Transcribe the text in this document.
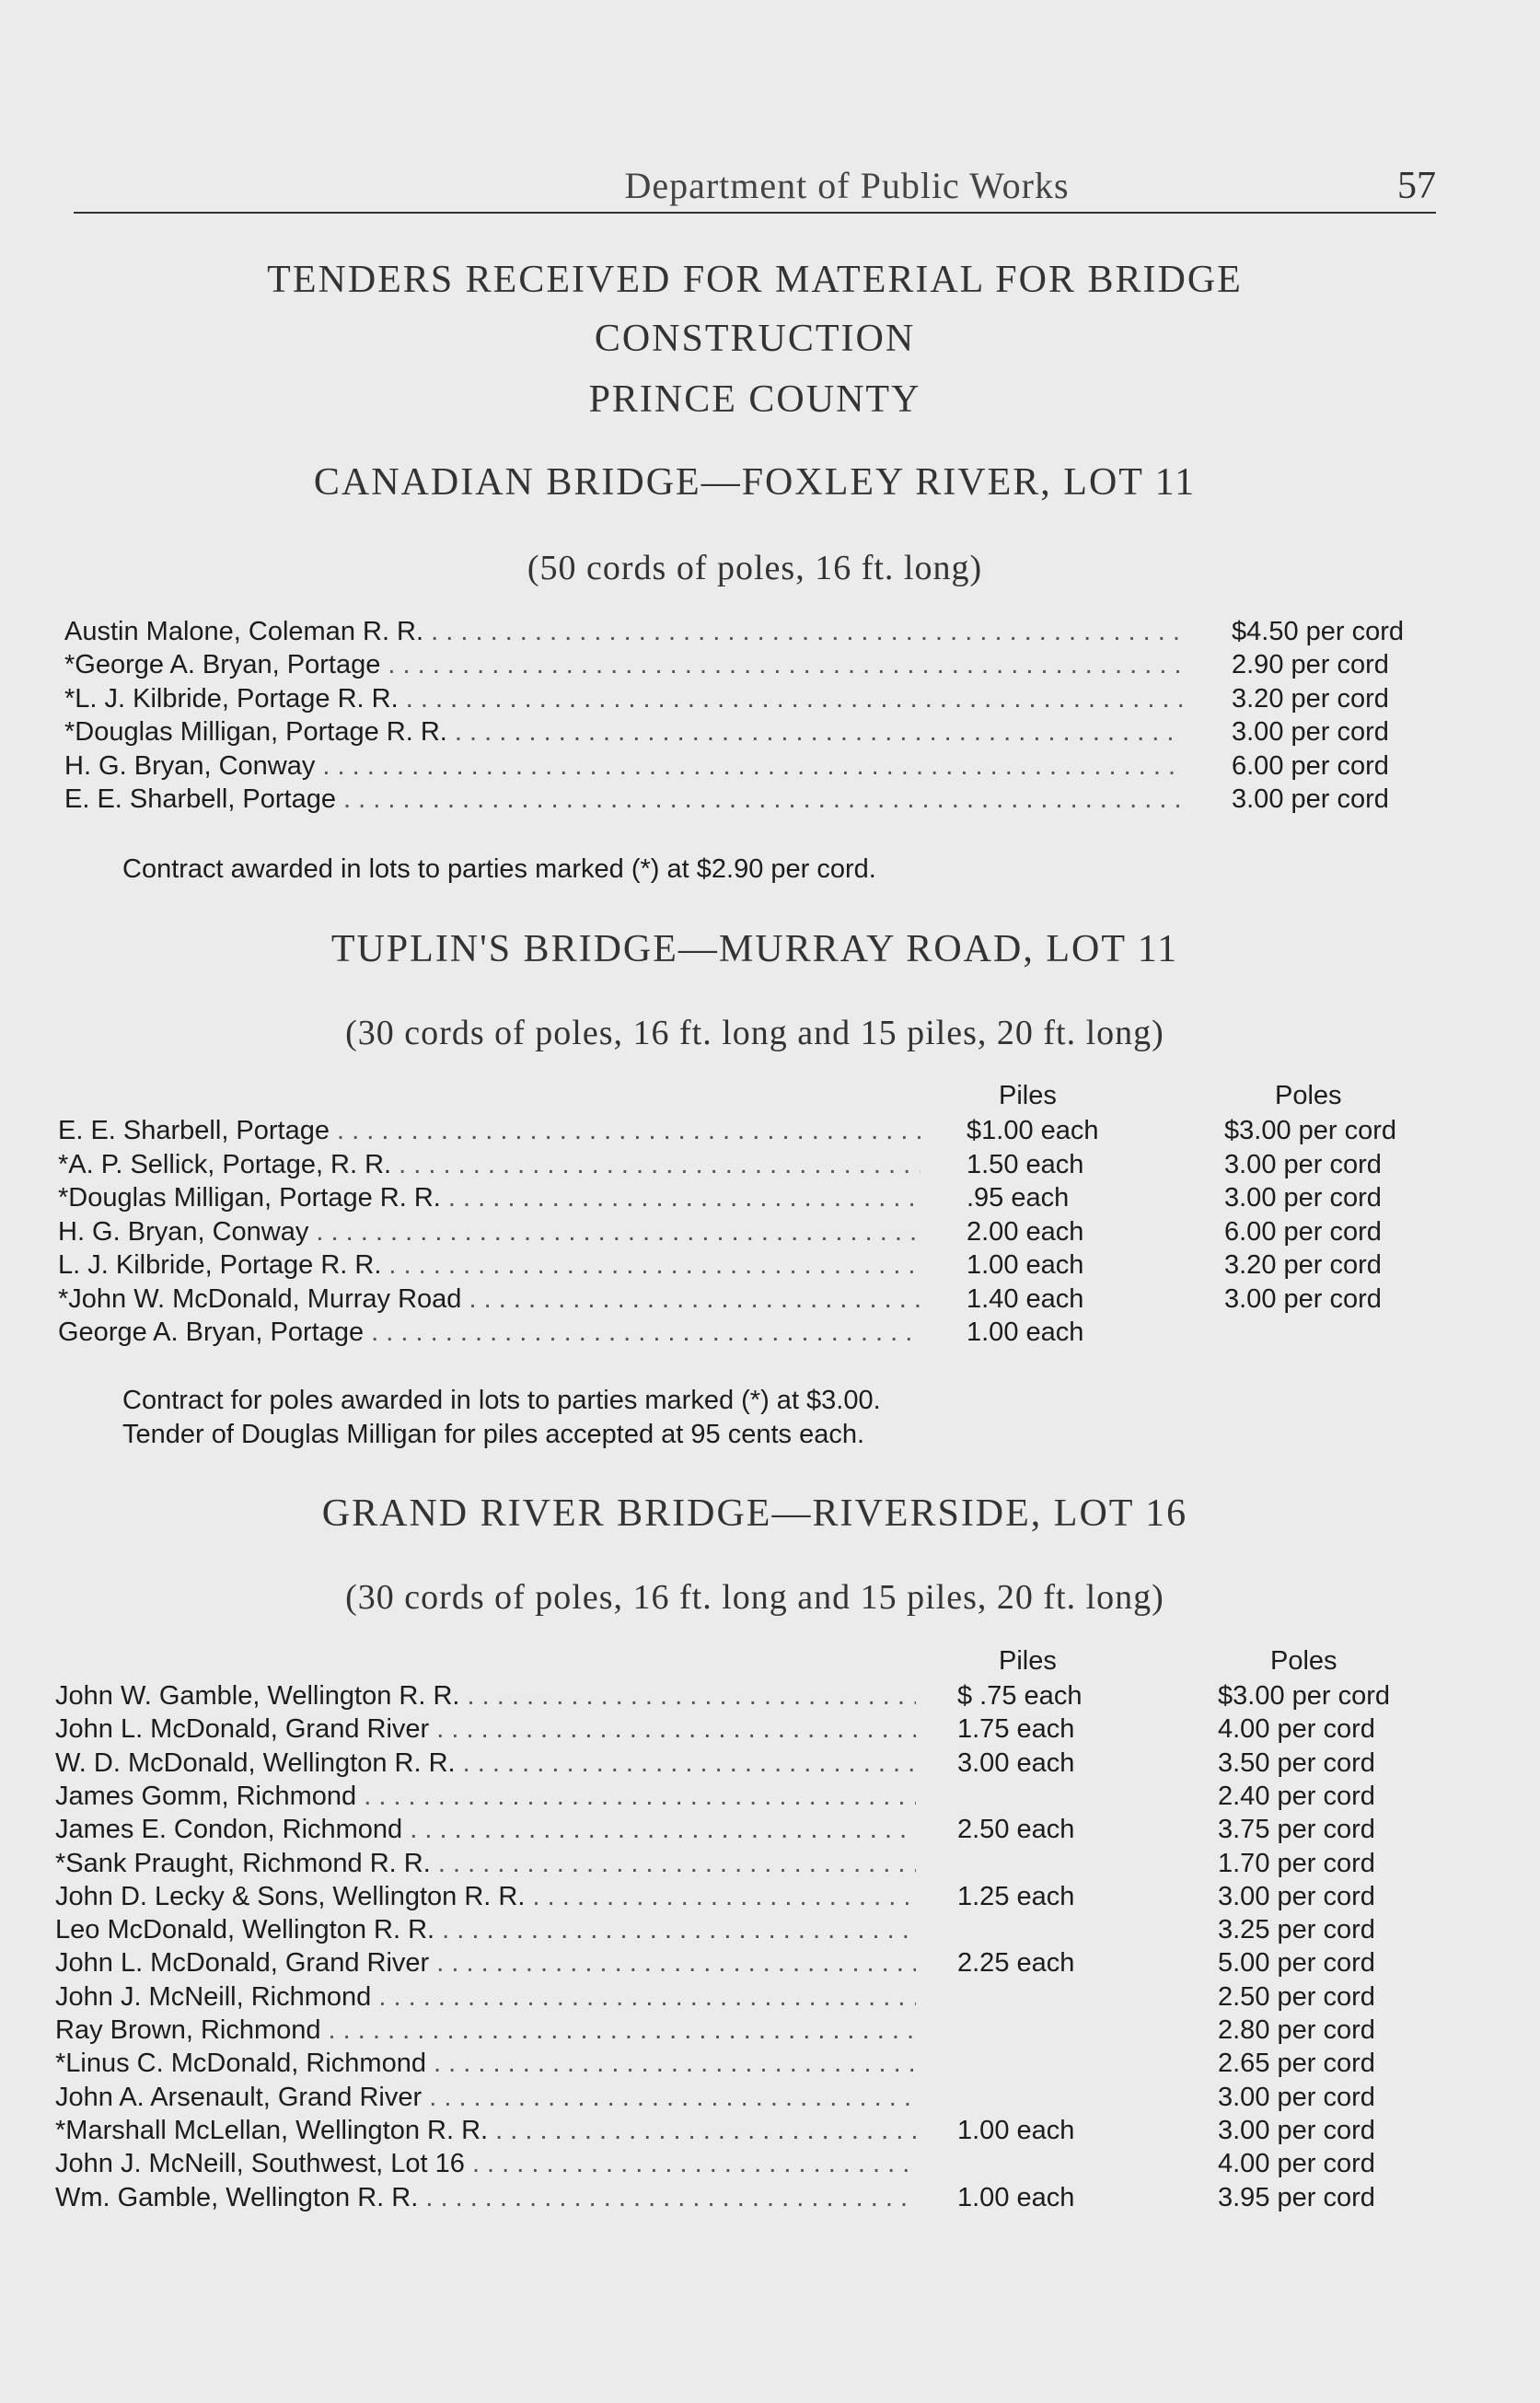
Department of Public Works	57
TENDERS RECEIVED FOR MATERIAL FOR BRIDGE
CONSTRUCTION
PRINCE COUNTY
CANADIAN BRIDGE—FOXLEY RIVER, LOT 11
(50 cords of poles, 16 ft. long)
Austin Malone, Coleman R. R. . . .	$4.50 per cord
*George A. Bryan, Portage . . .	2.90 per cord
*L. J. Kilbride, Portage R. R. . . .	3.20 per cord
*Douglas Milligan, Portage R. R. . . .	3.00 per cord
H. G. Bryan, Conway . . .	6.00 per cord
E. E. Sharbell, Portage . . .	3.00 per cord
Contract awarded in lots to parties marked (*) at $2.90 per cord.
TUPLIN'S BRIDGE—MURRAY ROAD, LOT 11
(30 cords of poles, 16 ft. long and 15 piles, 20 ft. long)
Piles	Poles
E. E. Sharbell, Portage . . .	$1.00 each	$3.00 per cord
*A. P. Sellick, Portage, R. R. . . .	1.50 each	3.00 per cord
*Douglas Milligan, Portage R. R. . . .	.95 each	3.00 per cord
H. G. Bryan, Conway . . .	2.00 each	6.00 per cord
L. J. Kilbride, Portage R. R. . . .	1.00 each	3.20 per cord
*John W. McDonald, Murray Road . . .	1.40 each	3.00 per cord
George A. Bryan, Portage . . .	1.00 each
Contract for poles awarded in lots to parties marked (*) at $3.00.
Tender of Douglas Milligan for piles accepted at 95 cents each.
GRAND RIVER BRIDGE—RIVERSIDE, LOT 16
(30 cords of poles, 16 ft. long and 15 piles, 20 ft. long)
Piles	Poles
John W. Gamble, Wellington R. R. . . .	$ .75 each	$3.00 per cord
John L. McDonald, Grand River . . .	1.75 each	4.00 per cord
W. D. McDonald, Wellington R. R. . . .	3.00 each	3.50 per cord
James Gomm, Richmond . . .	2.40 per cord
James E. Condon, Richmond . . .	2.50 each	3.75 per cord
*Sank Praught, Richmond R. R. . . .	1.70 per cord
John D. Lecky & Sons, Wellington R. R. . . .	1.25 each	3.00 per cord
Leo McDonald, Wellington R. R. . . .	3.25 per cord
John L. McDonald, Grand River . . .	2.25 each	5.00 per cord
John J. McNeill, Richmond . . .	2.50 per cord
Ray Brown, Richmond . . .	2.80 per cord
*Linus C. McDonald, Richmond . . .	2.65 per cord
John A. Arsenault, Grand River . . .	3.00 per cord
*Marshall McLellan, Wellington R. R. . . .	1.00 each	3.00 per cord
John J. McNeill, Southwest, Lot 16 . . .	4.00 per cord
Wm. Gamble, Wellington R. R. . . .	1.00 each	3.95 per cord
